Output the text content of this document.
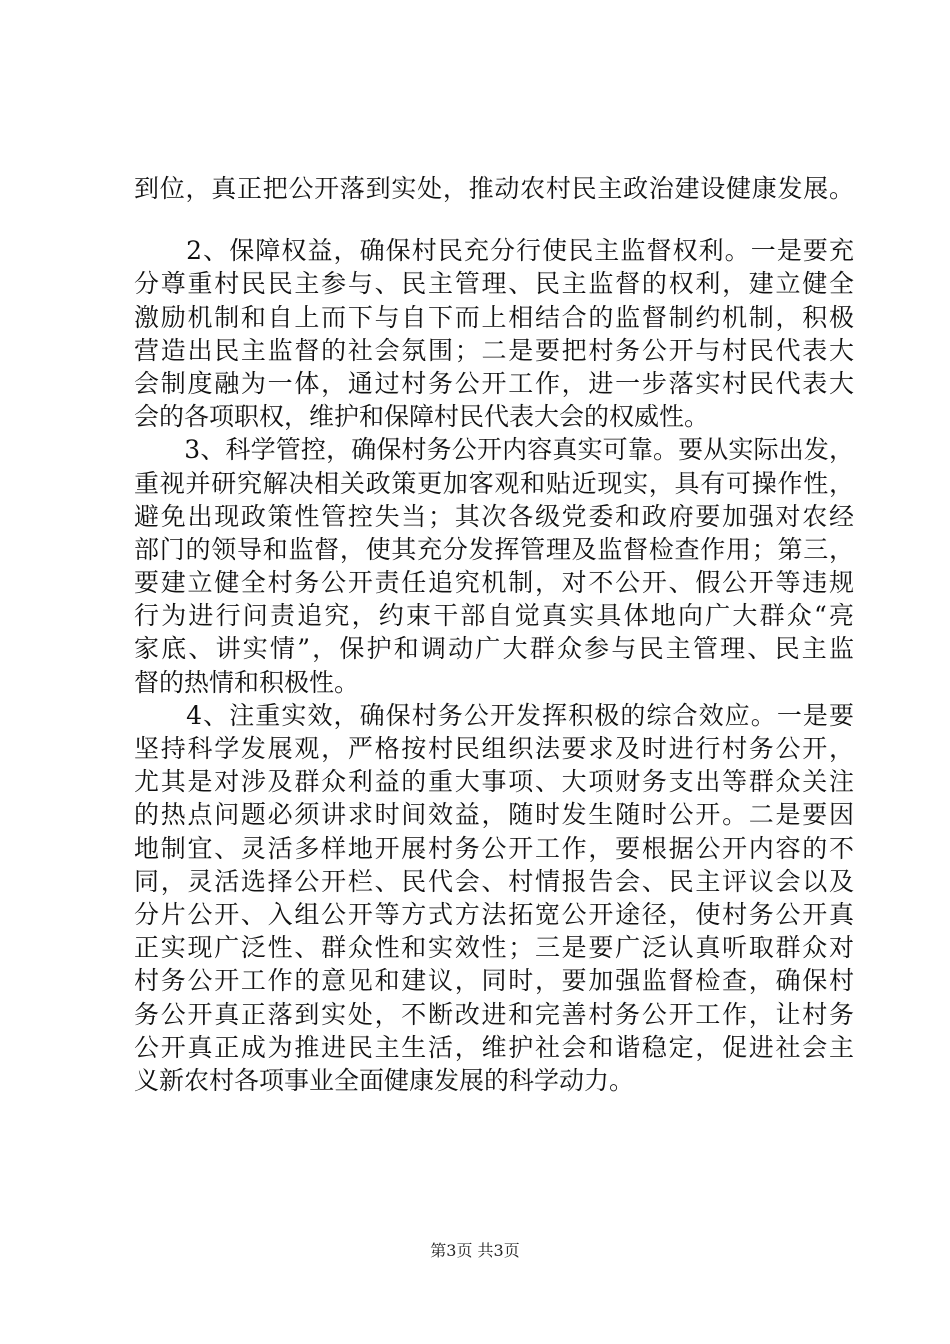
到位，真正把公开落到实处，推动农村民主政治建设健康发展。
　　2、保障权益，确保村民充分行使民主监督权利。一是要充
分尊重村民民主参与、民主管理、民主监督的权利，建立健全
激励机制和自上而下与自下而上相结合的监督制约机制，积极
营造出民主监督的社会氛围；二是要把村务公开与村民代表大
会制度融为一体，通过村务公开工作，进一步落实村民代表大
会的各项职权，维护和保障村民代表大会的权威性。
　　3、科学管控，确保村务公开内容真实可靠。要从实际出发，
重视并研究解决相关政策更加客观和贴近现实，具有可操作性，
避免出现政策性管控失当；其次各级党委和政府要加强对农经
部门的领导和监督，使其充分发挥管理及监督检查作用；第三，
要建立健全村务公开责任追究机制，对不公开、假公开等违规
行为进行问责追究，约束干部自觉真实具体地向广大群众“亮
家底、讲实情”，保护和调动广大群众参与民主管理、民主监
督的热情和积极性。
　　4、注重实效，确保村务公开发挥积极的综合效应。一是要
坚持科学发展观，严格按村民组织法要求及时进行村务公开，
尤其是对涉及群众利益的重大事项、大项财务支出等群众关注
的热点问题必须讲求时间效益，随时发生随时公开。二是要因
地制宜、灵活多样地开展村务公开工作，要根据公开内容的不
同，灵活选择公开栏、民代会、村情报告会、民主评议会以及
分片公开、入组公开等方式方法拓宽公开途径，使村务公开真
正实现广泛性、群众性和实效性；三是要广泛认真听取群众对
村务公开工作的意见和建议，同时，要加强监督检查，确保村
务公开真正落到实处，不断改进和完善村务公开工作，让村务
公开真正成为推进民主生活，维护社会和谐稳定，促进社会主
义新农村各项事业全面健康发展的科学动力。
第3页 共3页
